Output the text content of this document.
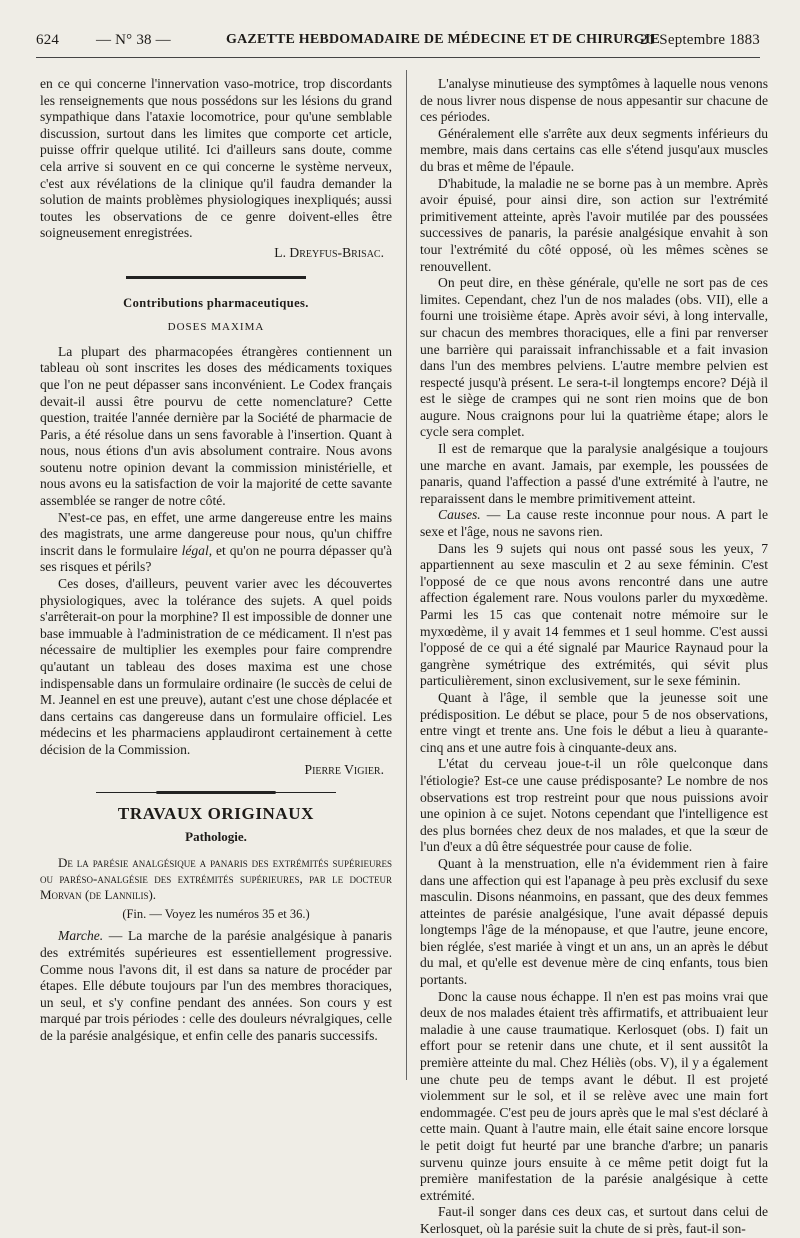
624 — N° 38 —	GAZETTE HEBDOMADAIRE DE MÉDECINE ET DE CHIRURGIE
21 Septembre 1883

en ce qui concerne l'innervation vaso-motrice, trop discordants les renseignements que nous possédons sur les lésions du grand sympathique dans l'ataxie locomotrice, pour qu'une semblable discussion, surtout dans les limites que comporte cet article, puisse offrir quelque utilité. Ici d'ailleurs sans doute, comme cela arrive si souvent en ce qui concerne le système nerveux, c'est aux révélations de la clinique qu'il faudra demander la solution de maints problèmes physiologiques inexpliqués; aussi toutes les observations de ce genre doivent-elles être soigneusement enregistrées.

L. Dreyfus-Brisac.
Contributions pharmaceutiques.
DOSES MAXIMA

La plupart des pharmacopées étrangères contiennent un tableau où sont inscrites les doses des médicaments toxiques que l'on ne peut dépasser sans inconvénient. Le Codex français devait-il aussi être pourvu de cette nomenclature? Cette question, traitée l'année dernière par la Société de pharmacie de Paris, a été résolue dans un sens favorable à l'insertion. Quant à nous, nous étions d'un avis absolument contraire. Nous avons soutenu notre opinion devant la commission ministérielle, et nous avons eu la satisfaction de voir la majorité de cette savante assemblée se ranger de notre côté.

N'est-ce pas, en effet, une arme dangereuse entre les mains des magistrats, une arme dangereuse pour nous, qu'un chiffre inscrit dans le formulaire légal, et qu'on ne pourra dépasser qu'à ses risques et périls?

Ces doses, d'ailleurs, peuvent varier avec les découvertes physiologiques, avec la tolérance des sujets. A quel poids s'arrêterait-on pour la morphine? Il est impossible de donner une base immuable à l'administration de ce médicament. Il n'est pas nécessaire de multiplier les exemples pour faire comprendre qu'autant un tableau des doses maxima est une chose indispensable dans un formulaire ordinaire (le succès de celui de M. Jeannel en est une preuve), autant c'est une chose déplacée et dans certains cas dangereuse dans un formulaire officiel. Les médecins et les pharmaciens applaudiront certainement à cette décision de la Commission.

Pierre Vigier.
TRAVAUX ORIGINAUX
Pathologie.

De la parésie analgésique a panaris des extrémités supérieures ou paréso-analgésie des extrémités supérieures, par le docteur Morvan (de Lannilis).

(Fin. — Voyez les numéros 35 et 36.)

Marche. — La marche de la parésie analgésique à panaris des extrémités supérieures est essentiellement progressive. Comme nous l'avons dit, il est dans sa nature de procéder par étapes. Elle débute toujours par l'un des membres thoraciques, un seul, et s'y confine pendant des années. Son cours y est marqué par trois périodes : celle des douleurs névralgiques, celle de la parésie analgésique, et enfin celle des panaris successifs.

L'analyse minutieuse des symptômes à laquelle nous venons de nous livrer nous dispense de nous appesantir sur chacune de ces périodes.

Généralement elle s'arrête aux deux segments inférieurs du membre, mais dans certains cas elle s'étend jusqu'aux muscles du bras et même de l'épaule.

D'habitude, la maladie ne se borne pas à un membre. Après avoir épuisé, pour ainsi dire, son action sur l'extrémité primitivement atteinte, après l'avoir mutilée par des poussées successives de panaris, la parésie analgésique envahit à son tour l'extrémité du côté opposé, où les mêmes scènes se renouvellent.

On peut dire, en thèse générale, qu'elle ne sort pas de ces limites. Cependant, chez l'un de nos malades (obs. VII), elle a fourni une troisième étape. Après avoir sévi, à long intervalle, sur chacun des membres thoraciques, elle a fini par renverser une barrière qui paraissait infranchissable et a fait invasion dans l'un des membres pelviens. L'autre membre pelvien est respecté jusqu'à présent. Le sera-t-il longtemps encore? Déjà il est le siège de crampes qui ne sont rien moins que de bon augure. Nous craignons pour lui la quatrième étape; alors le cycle sera complet.

Il est de remarque que la paralysie analgésique a toujours une marche en avant. Jamais, par exemple, les poussées de panaris, quand l'affection a passé d'une extrémité à l'autre, ne reparaissent dans le membre primitivement atteint.

Causes. — La cause reste inconnue pour nous. A part le sexe et l'âge, nous ne savons rien.

Dans les 9 sujets qui nous ont passé sous les yeux, 7 appartiennent au sexe masculin et 2 au sexe féminin. C'est l'opposé de ce que nous avons rencontré dans une autre affection également rare. Nous voulons parler du myxœdème. Parmi les 15 cas que contenait notre mémoire sur le myxœdème, il y avait 14 femmes et 1 seul homme. C'est aussi l'opposé de ce qui a été signalé par Maurice Raynaud pour la gangrène symétrique des extrémités, qui sévit plus particulièrement, sinon exclusivement, sur le sexe féminin.

Quant à l'âge, il semble que la jeunesse soit une prédisposition. Le début se place, pour 5 de nos observations, entre vingt et trente ans. Une fois le début a lieu à quarante-cinq ans et une autre fois à cinquante-deux ans.

L'état du cerveau joue-t-il un rôle quelconque dans l'étiologie? Est-ce une cause prédisposante? Le nombre de nos observations est trop restreint pour que nous puissions avoir une opinion à ce sujet. Notons cependant que l'intelligence est des plus bornées chez deux de nos malades, et que la sœur de l'un d'eux a dû être séquestrée pour cause de folie.

Quant à la menstruation, elle n'a évidemment rien à faire dans une affection qui est l'apanage à peu près exclusif du sexe masculin. Disons néanmoins, en passant, que des deux femmes atteintes de parésie analgésique, l'une avait dépassé depuis longtemps l'âge de la ménopause, et que l'autre, jeune encore, bien réglée, s'est mariée à vingt et un ans, un an après le début du mal, et qu'elle est devenue mère de cinq enfants, tous bien portants.

Donc la cause nous échappe. Il n'en est pas moins vrai que deux de nos malades étaient très affirmatifs, et attribuaient leur maladie à une cause traumatique. Kerlosquet (obs. I) fait un effort pour se retenir dans une chute, et il sent aussitôt la première atteinte du mal. Chez Héliès (obs. V), il y a également une chute peu de temps avant le début. Il est projeté violemment sur le sol, et il se relève avec une main fort endommagée. C'est peu de jours après que le mal s'est déclaré à cette main. Quant à l'autre main, elle était saine encore lorsque le petit doigt fut heurté par une branche d'arbre; un panaris survenu quinze jours ensuite à ce même petit doigt fut la première manifestation de la parésie analgésique à cette extrémité.

Faut-il songer dans ces deux cas, et surtout dans celui de Kerlosquet, où la parésie suit la chute de si près, faut-il son-
